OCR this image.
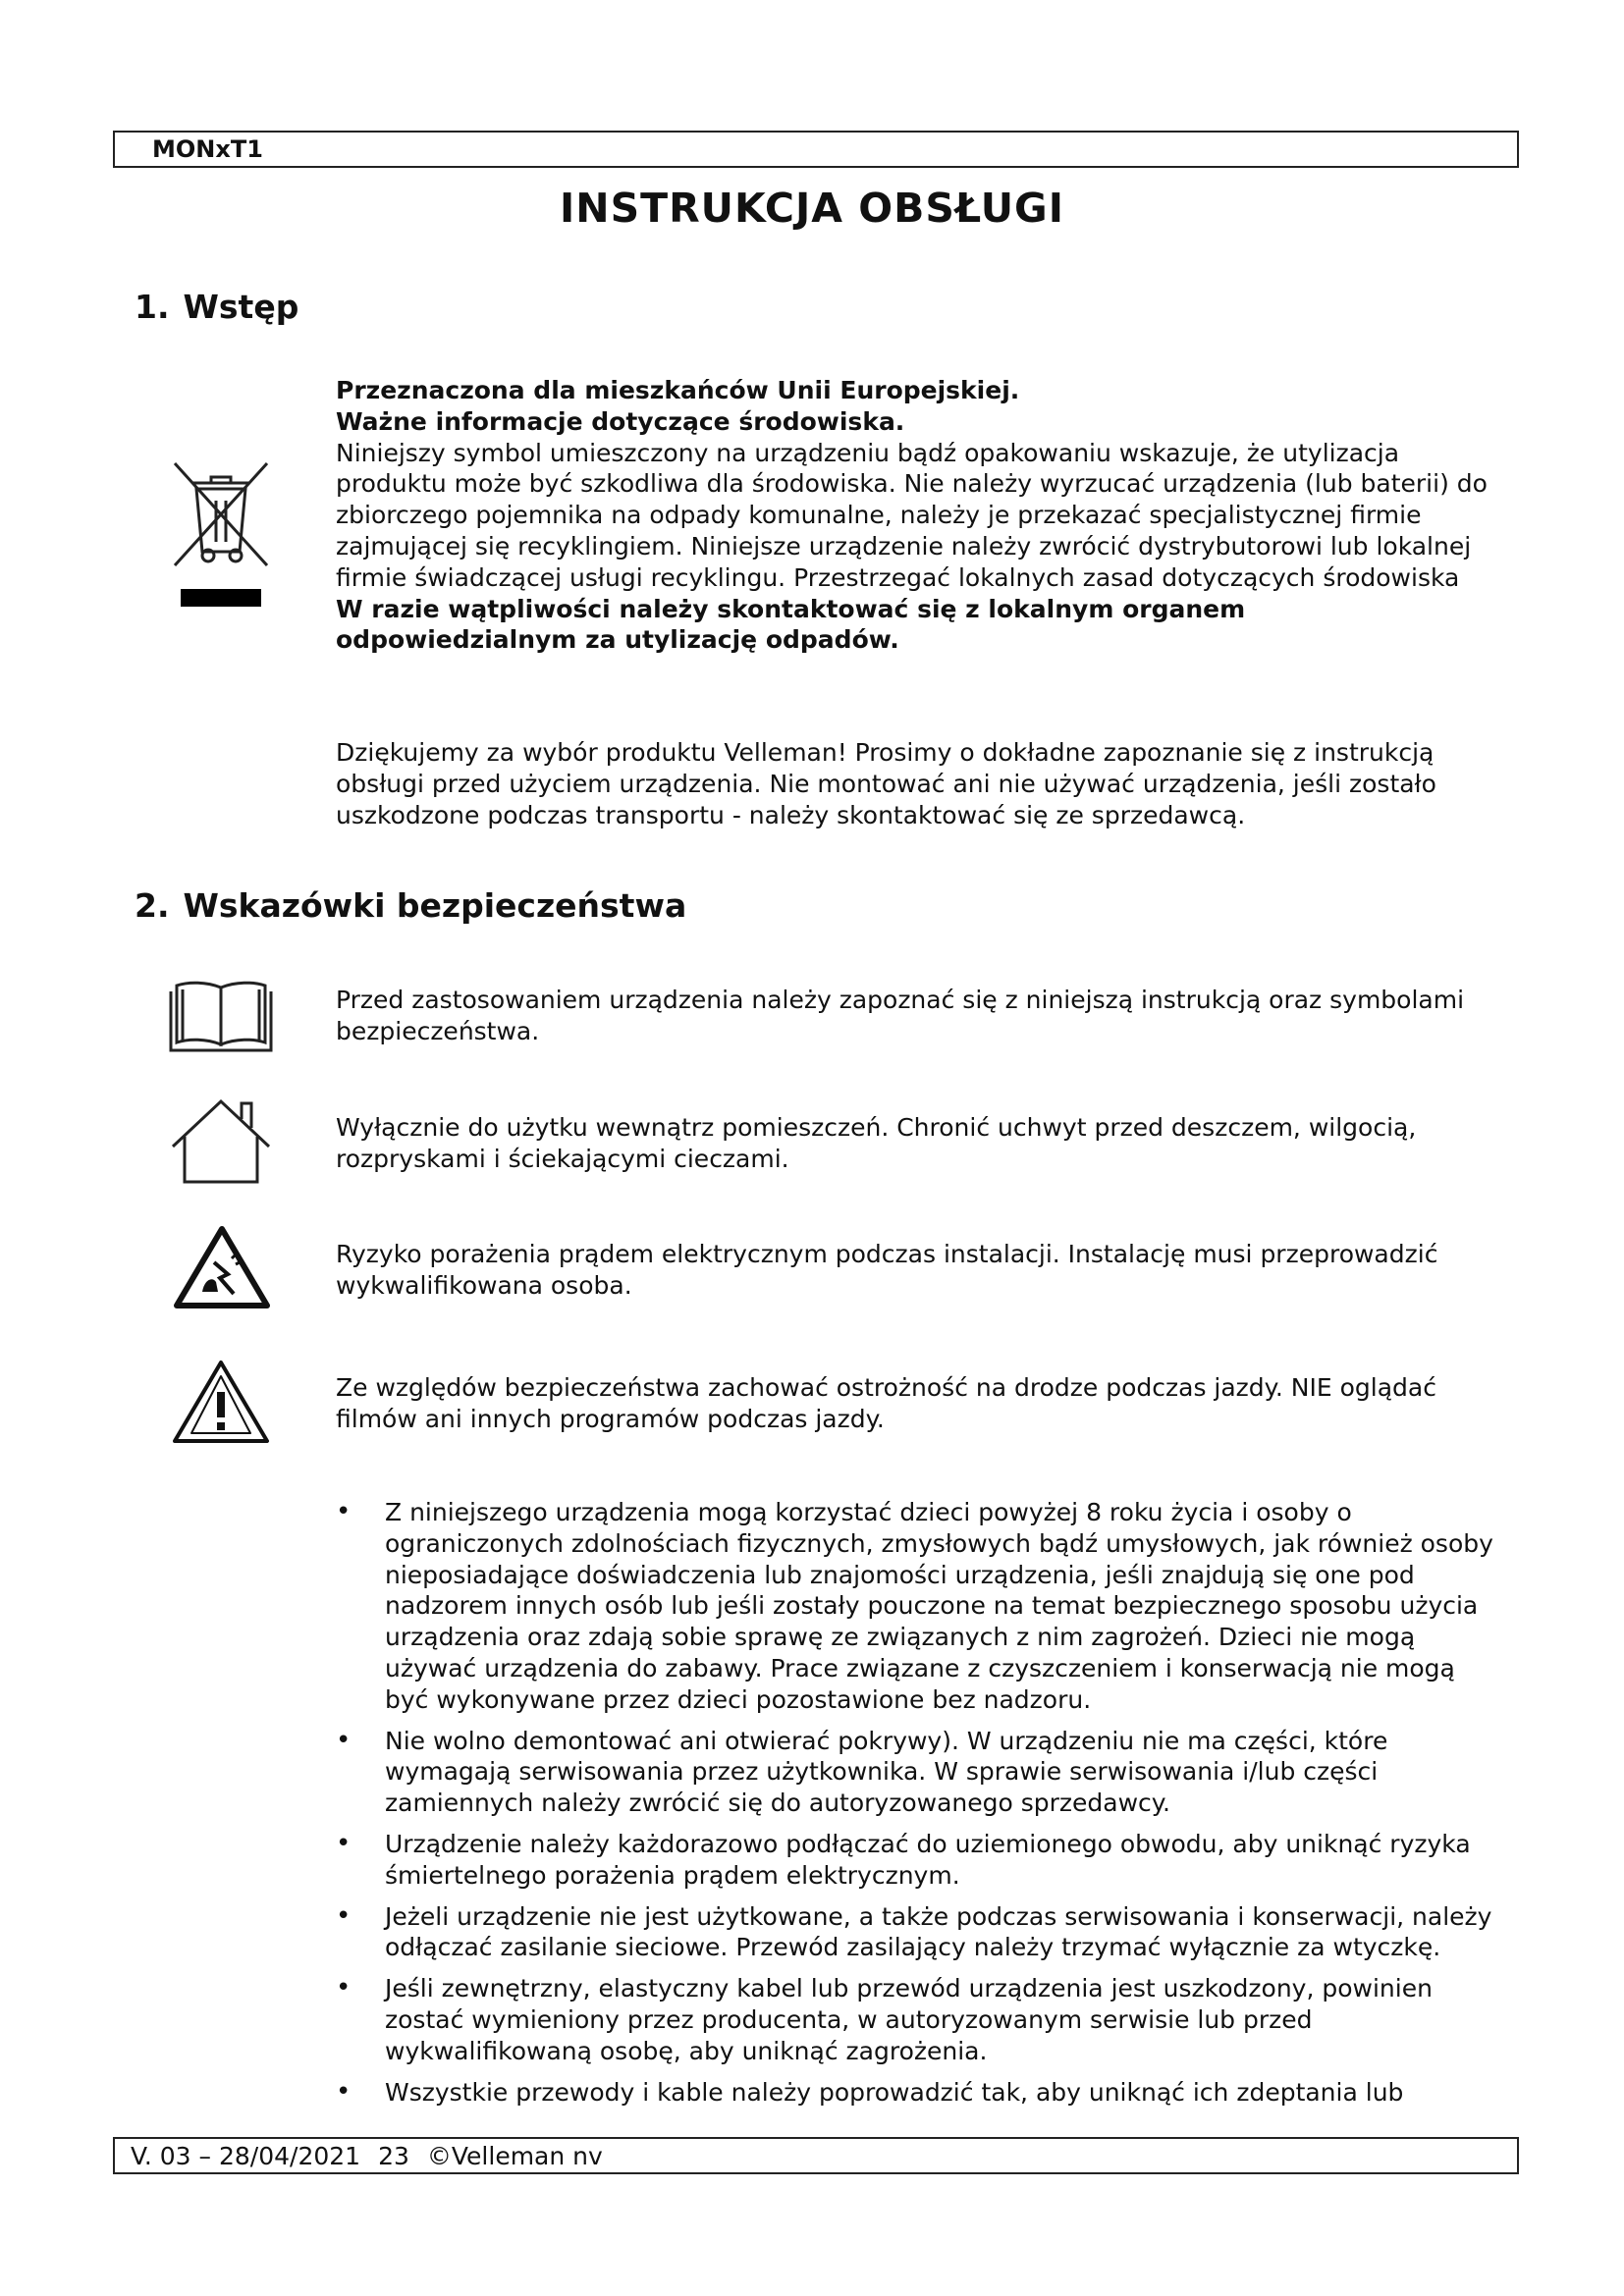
MONxT1
INSTRUKCJA OBSŁUGI
1. Wstęp

Przeznaczona dla mieszkańców Unii Europejskiej.

Ważne informacje dotyczące środowiska.

Niniejszy symbol umieszczony na urządzeniu bądź opakowaniu wskazuje, że utylizacja produktu może być szkodliwa dla środowiska. Nie należy wyrzucać urządzenia (lub baterii) do zbiorczego pojemnika na odpady komunalne, należy je przekazać specjalistycznej firmie zajmującej się recyklingiem. Niniejsze urządzenie należy zwrócić dystrybutorowi lub lokalnej firmie świadczącej usługi recyklingu. Przestrzegać lokalnych zasad dotyczących środowiska

W razie wątpliwości należy skontaktować się z lokalnym organem odpowiedzialnym za utylizację odpadów.

Dziękujemy za wybór produktu Velleman! Prosimy o dokładne zapoznanie się z instrukcją obsługi przed użyciem urządzenia. Nie montować ani nie używać urządzenia, jeśli zostało uszkodzone podczas transportu - należy skontaktować się ze sprzedawcą.

2. Wskazówki bezpieczeństwa

Przed zastosowaniem urządzenia należy zapoznać się z niniejszą instrukcją oraz symbolami bezpieczeństwa.

Wyłącznie do użytku wewnątrz pomieszczeń. Chronić uchwyt przed deszczem, wilgocią, rozpryskami i ściekającymi cieczami.

Ryzyko porażenia prądem elektrycznym podczas instalacji. Instalację musi przeprowadzić wykwalifikowana osoba.

Ze względów bezpieczeństwa zachować ostrożność na drodze podczas jazdy. NIE oglądać filmów ani innych programów podczas jazdy.

• Z niniejszego urządzenia mogą korzystać dzieci powyżej 8 roku życia i osoby o ograniczonych zdolnościach fizycznych, zmysłowych bądź umysłowych, jak również osoby nieposiadające doświadczenia lub znajomości urządzenia, jeśli znajdują się one pod nadzorem innych osób lub jeśli zostały pouczone na temat bezpiecznego sposobu użycia urządzenia oraz zdają sobie sprawę ze związanych z nim zagrożeń. Dzieci nie mogą używać urządzenia do zabawy. Prace związane z czyszczeniem i konserwacją nie mogą być wykonywane przez dzieci pozostawione bez nadzoru.
• Nie wolno demontować ani otwierać pokrywy). W urządzeniu nie ma części, które wymagają serwisowania przez użytkownika. W sprawie serwisowania i/lub części zamiennych należy zwrócić się do autoryzowanego sprzedawcy.
• Urządzenie należy każdorazowo podłączać do uziemionego obwodu, aby uniknąć ryzyka śmiertelnego porażenia prądem elektrycznym.
• Jeżeli urządzenie nie jest użytkowane, a także podczas serwisowania i konserwacji, należy odłączać zasilanie sieciowe. Przewód zasilający należy trzymać wyłącznie za wtyczkę.
• Jeśli zewnętrzny, elastyczny kabel lub przewód urządzenia jest uszkodzony, powinien zostać wymieniony przez producenta, w autoryzowanym serwisie lub przed wykwalifikowaną osobę, aby uniknąć zagrożenia.
• Wszystkie przewody i kable należy poprowadzić tak, aby uniknąć ich zdeptania lub
V. 03 – 28/04/2021 23 ©Velleman nv
